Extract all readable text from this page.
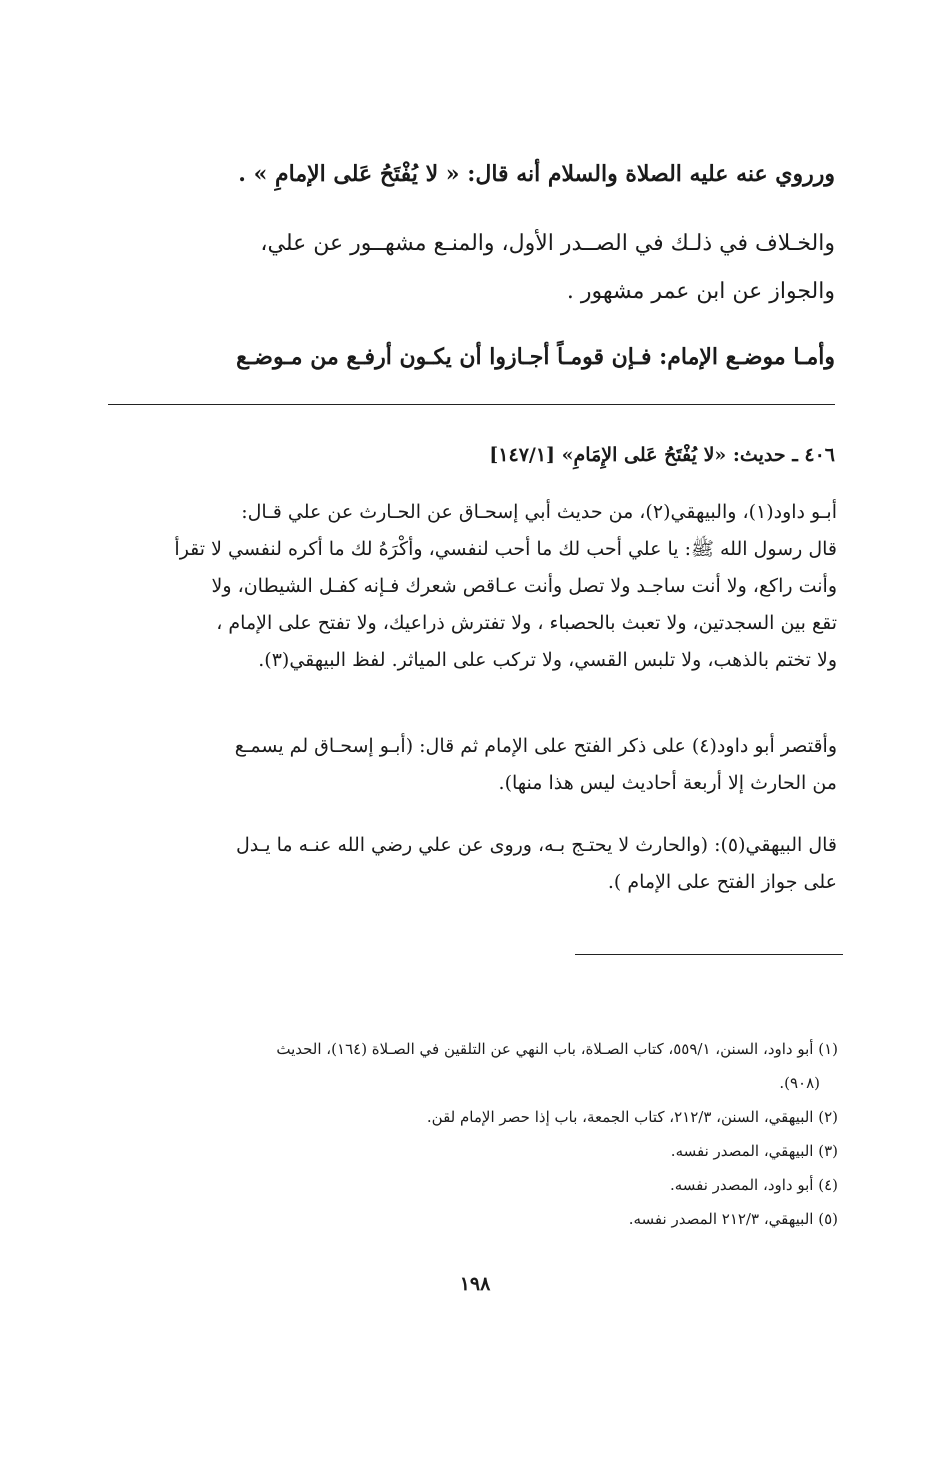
ورروي عنه عليه الصلاة والسلام أنه قال: « لا يُفْتَحُ عَلى الإمامِ » .
والخـلاف في ذلـك في الصــدر الأول، والمنـع مشهــور عن علي،
والجواز عن ابن عمر مشهور .
وأمـا موضـع الإمام: فـإن قومـاً أجـازوا أن يكـون أرفـع من مـوضـع
٤٠٦ ـ حديث: «لا يُفْتَحُ عَلى الإِمَامِ» [١٤٧/١]
أبـو داود(١)، والبيهقي(٢)، من حديث أبي إسحـاق عن الحـارث عن علي قـال:
قال رسول الله ﷺ: يا علي أحب لك ما أحب لنفسي، وأكْرَهُ لك ما أكره لنفسي لا تقرأ
وأنت راكع، ولا أنت ساجـد ولا تصل وأنت عـاقص شعرك فـإنه كفـل الشيطان، ولا
تقع بين السجدتين، ولا تعبث بالحصباء ، ولا تفترش ذراعيك، ولا تفتح على الإمام ،
ولا تختم بالذهب، ولا تلبس القسي، ولا تركب على المياثر. لفظ البيهقي(٣).
وأقتصر أبو داود(٤) على ذكر الفتح على الإمام ثم قال: (أبـو إسحـاق لم يسمـع
من الحارث إلا أربعة أحاديث ليس هذا منها).
قال البيهقي(٥): (والحارث لا يحتـج بـه، وروى عن علي رضي الله عنـه ما يـدل
على جواز الفتح على الإمام ).
(١) أبو داود، السنن، ٥٥٩/١، كتاب الصـلاة، باب النهي عن التلقين في الصـلاة (١٦٤)، الحديث
(٩٠٨).
(٢) البيهقي، السنن، ٢١٢/٣، كتاب الجمعة، باب إذا حصر الإمام لقن.
(٣) البيهقي، المصدر نفسه.
(٤) أبو داود، المصدر نفسه.
(٥) البيهقي، ٢١٢/٣ المصدر نفسه.
١٩٨
